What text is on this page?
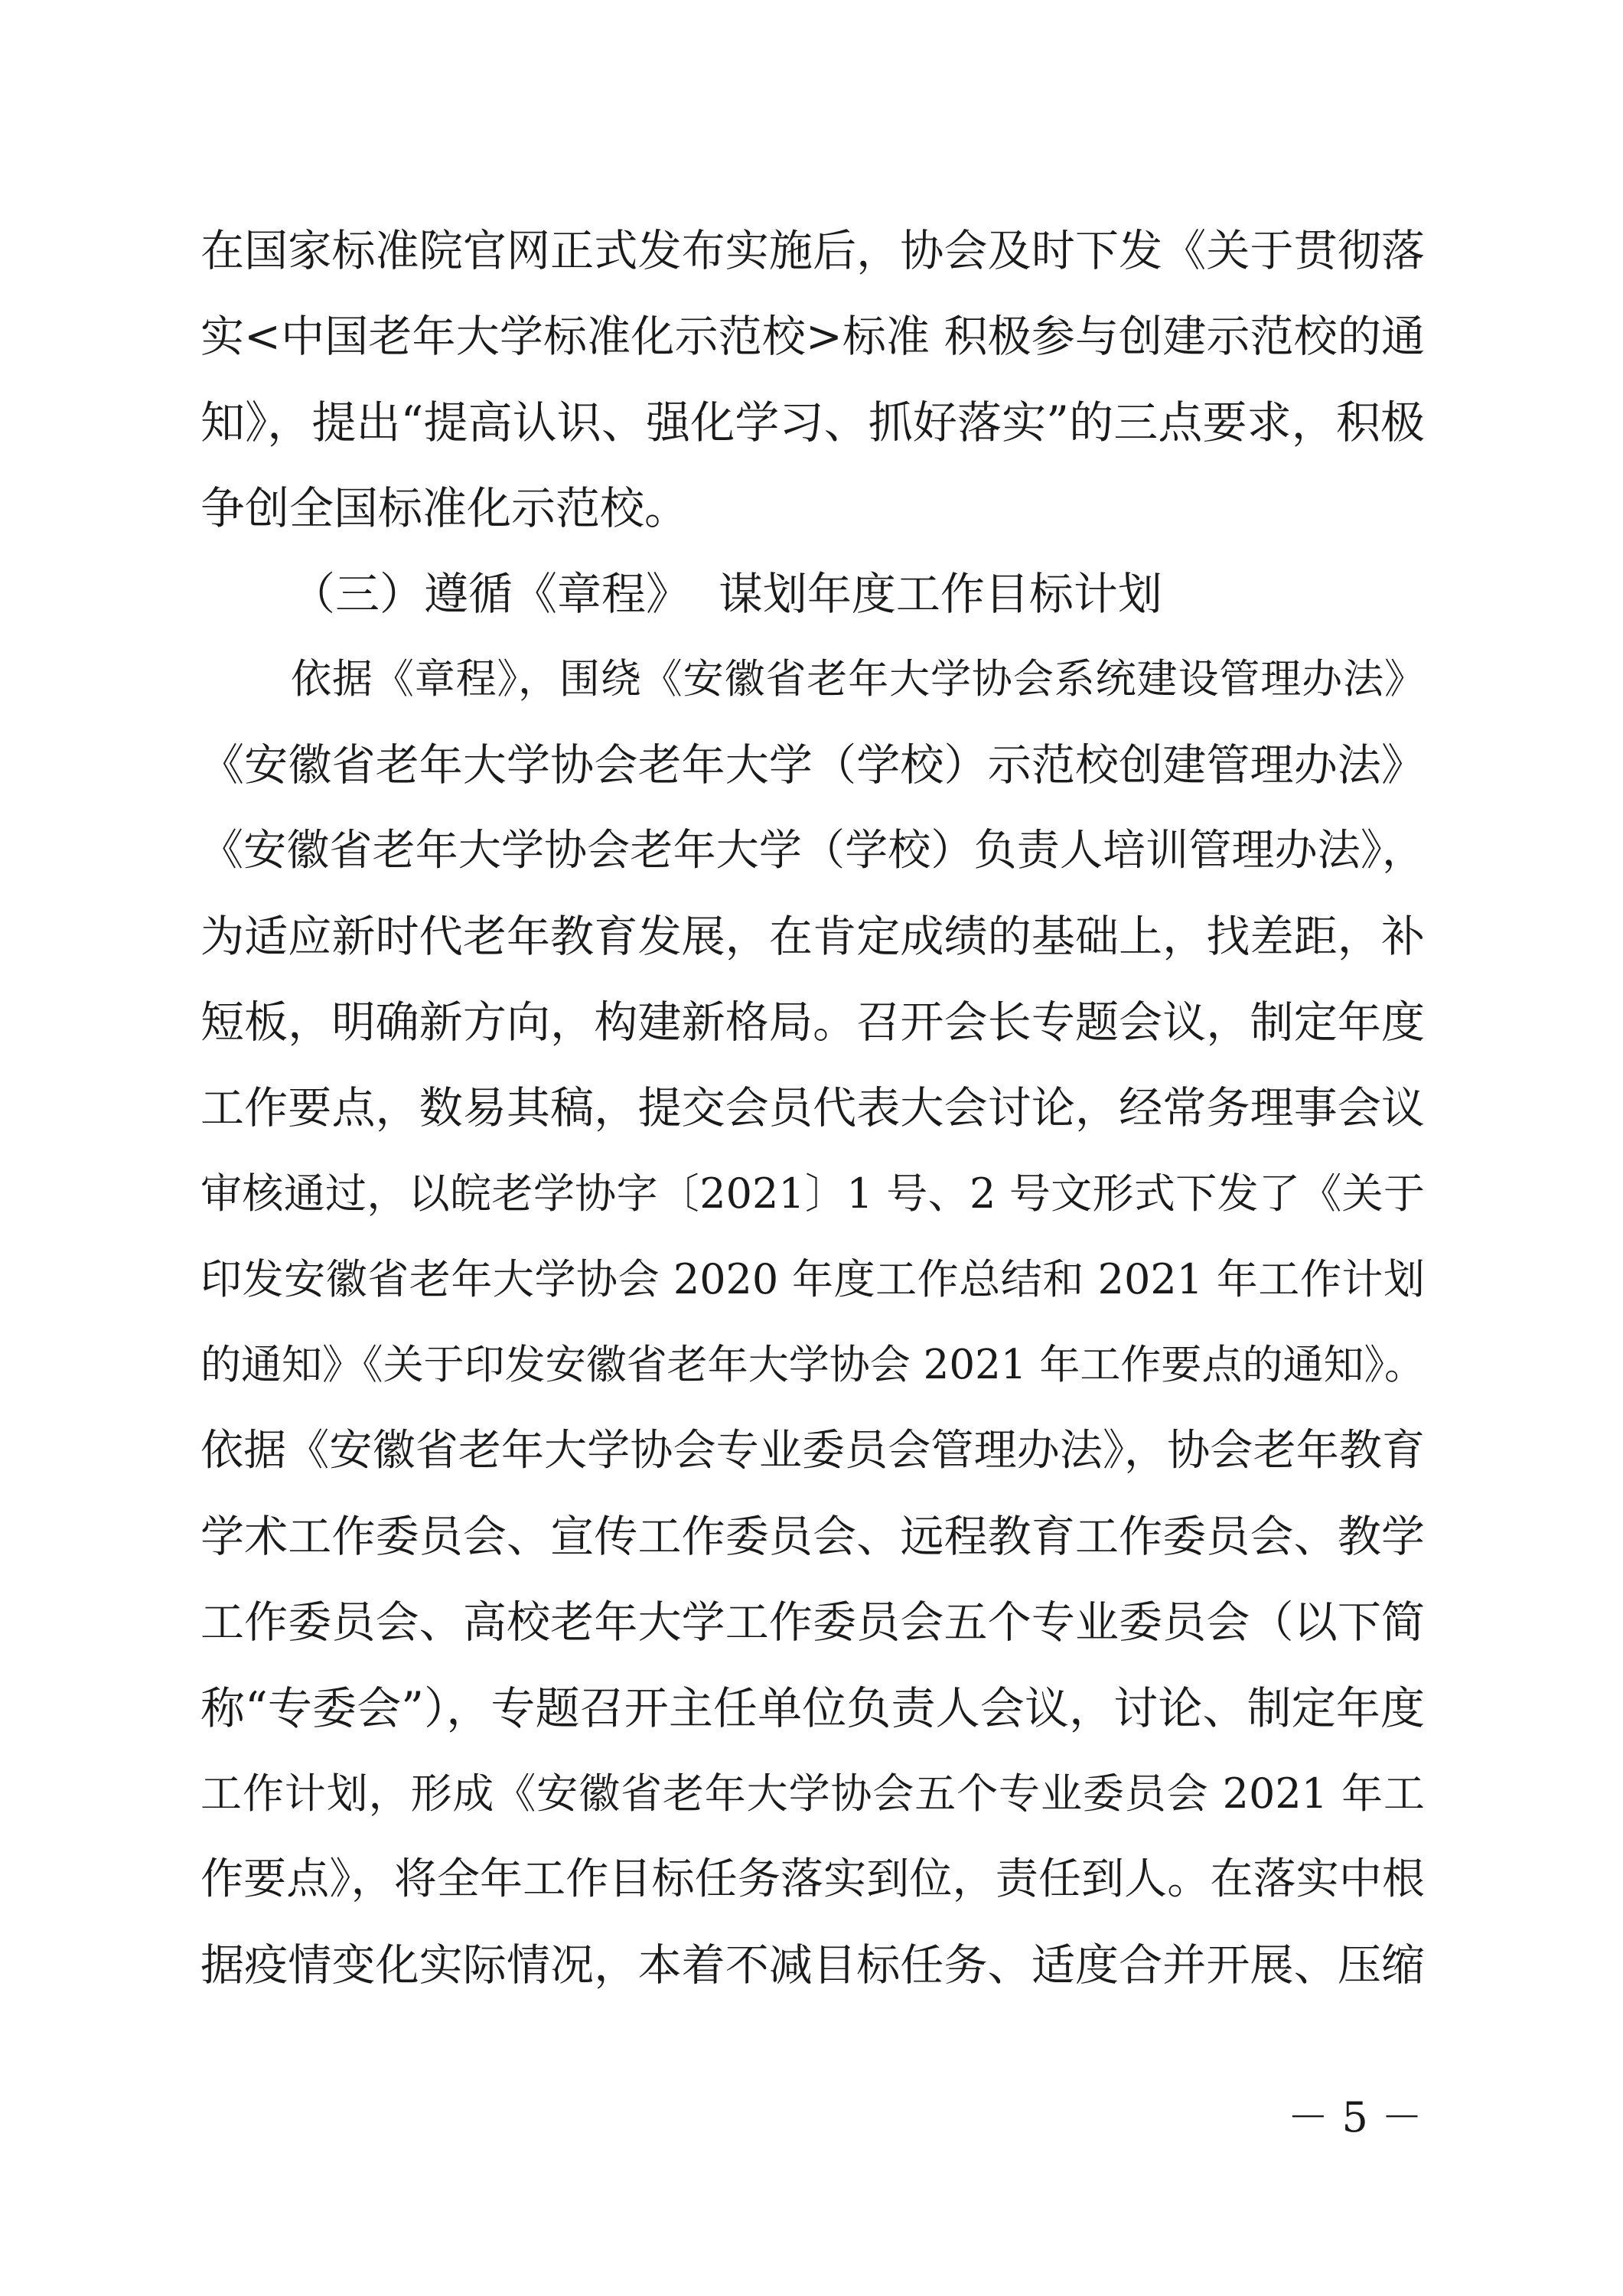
在国家标准院官网正式发布实施后，协会及时下发《关于贯彻落
实<中国老年大学标准化示范校>标准 积极参与创建示范校的通
知》，提出“提高认识、强化学习、抓好落实”的三点要求，积极
争创全国标准化示范校。
（三）遵循《章程》  谋划年度工作目标计划
依据《章程》，围绕《安徽省老年大学协会系统建设管理办法》
《安徽省老年大学协会老年大学（学校）示范校创建管理办法》
《安徽省老年大学协会老年大学（学校）负责人培训管理办法》，
为适应新时代老年教育发展，在肯定成绩的基础上，找差距，补
短板，明确新方向，构建新格局。召开会长专题会议，制定年度
工作要点，数易其稿，提交会员代表大会讨论，经常务理事会议
审核通过，以皖老学协字〔2021〕1 号、2 号文形式下发了《关于
印发安徽省老年大学协会 2020 年度工作总结和 2021 年工作计划
的通知》《关于印发安徽省老年大学协会 2021 年工作要点的通知》。
依据《安徽省老年大学协会专业委员会管理办法》，协会老年教育
学术工作委员会、宣传工作委员会、远程教育工作委员会、教学
工作委员会、高校老年大学工作委员会五个专业委员会（以下简
称“专委会”），专题召开主任单位负责人会议，讨论、制定年度
工作计划，形成《安徽省老年大学协会五个专业委员会 2021 年工
作要点》，将全年工作目标任务落实到位，责任到人。在落实中根
据疫情变化实际情况，本着不减目标任务、适度合并开展、压缩
－ 5 －
